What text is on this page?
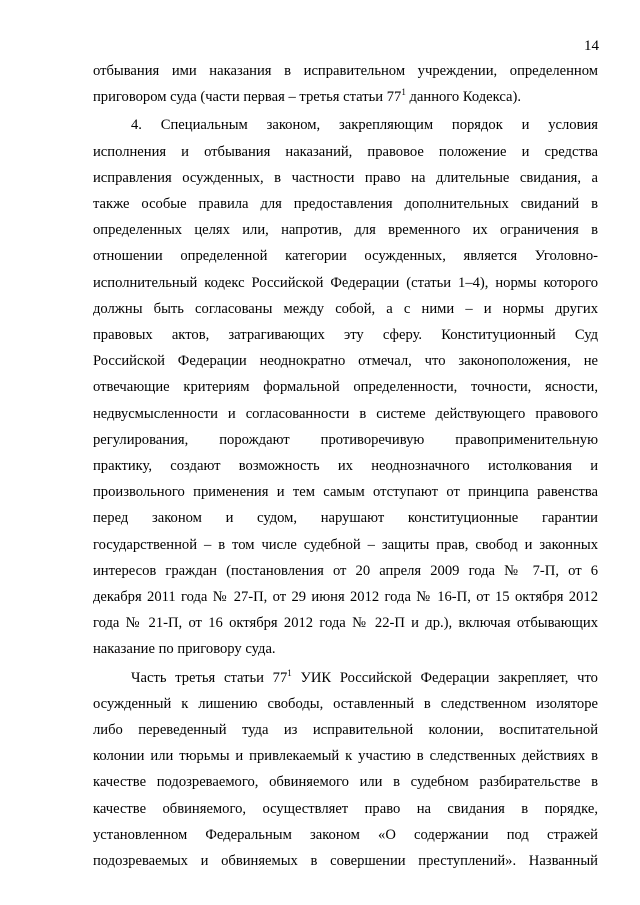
14

отбывания ими наказания в исправительном учреждении, определенном
приговором суда (части первая – третья статьи $77^1$ данного Кодекса).

4. Специальным законом, закрепляющим порядок и условия
исполнения и отбывания наказаний, правовое положение и средства
исправления осужденных, в частности право на длительные свидания, а
также особые правила для предоставления дополнительных свиданий в
определенных целях или, напротив, для временного их ограничения в
отношении определенной категории осужденных, является Уголовно-
исполнительный кодекс Российской Федерации (статьи 1–4), нормы которого
должны быть согласованы между собой, а с ними – и нормы других
правовых актов, затрагивающих эту сферу. Конституционный Суд
Российской Федерации неоднократно отмечал, что законоположения, не
отвечающие критериям формальной определенности, точности, ясности,
недвусмысленности и согласованности в системе действующего правового
регулирования, порождают противоречивую правоприменительную
практику, создают возможность их неоднозначного истолкования и
произвольного применения и тем самым отступают от принципа равенства
перед законом и судом, нарушают конституционные гарантии
государственной – в том числе судебной – защиты прав, свобод и законных
интересов граждан (постановления от 20 апреля 2009 года № 7-П, от 6
декабря 2011 года № 27-П, от 29 июня 2012 года № 16-П, от 15 октября 2012
года № 21-П, от 16 октября 2012 года № 22-П и др.), включая отбывающих
наказание по приговору суда.

Часть третья статьи $77^1$ УИК Российской Федерации закрепляет, что
осужденный к лишению свободы, оставленный в следственном изоляторе
либо переведенный туда из исправительной колонии, воспитательной
колонии или тюрьмы и привлекаемый к участию в следственных действиях в
качестве подозреваемого, обвиняемого или в судебном разбирательстве в
качестве обвиняемого, осуществляет право на свидания в порядке,
установленном Федеральным законом «О содержании под стражей
подозреваемых и обвиняемых в совершении преступлений». Названный
